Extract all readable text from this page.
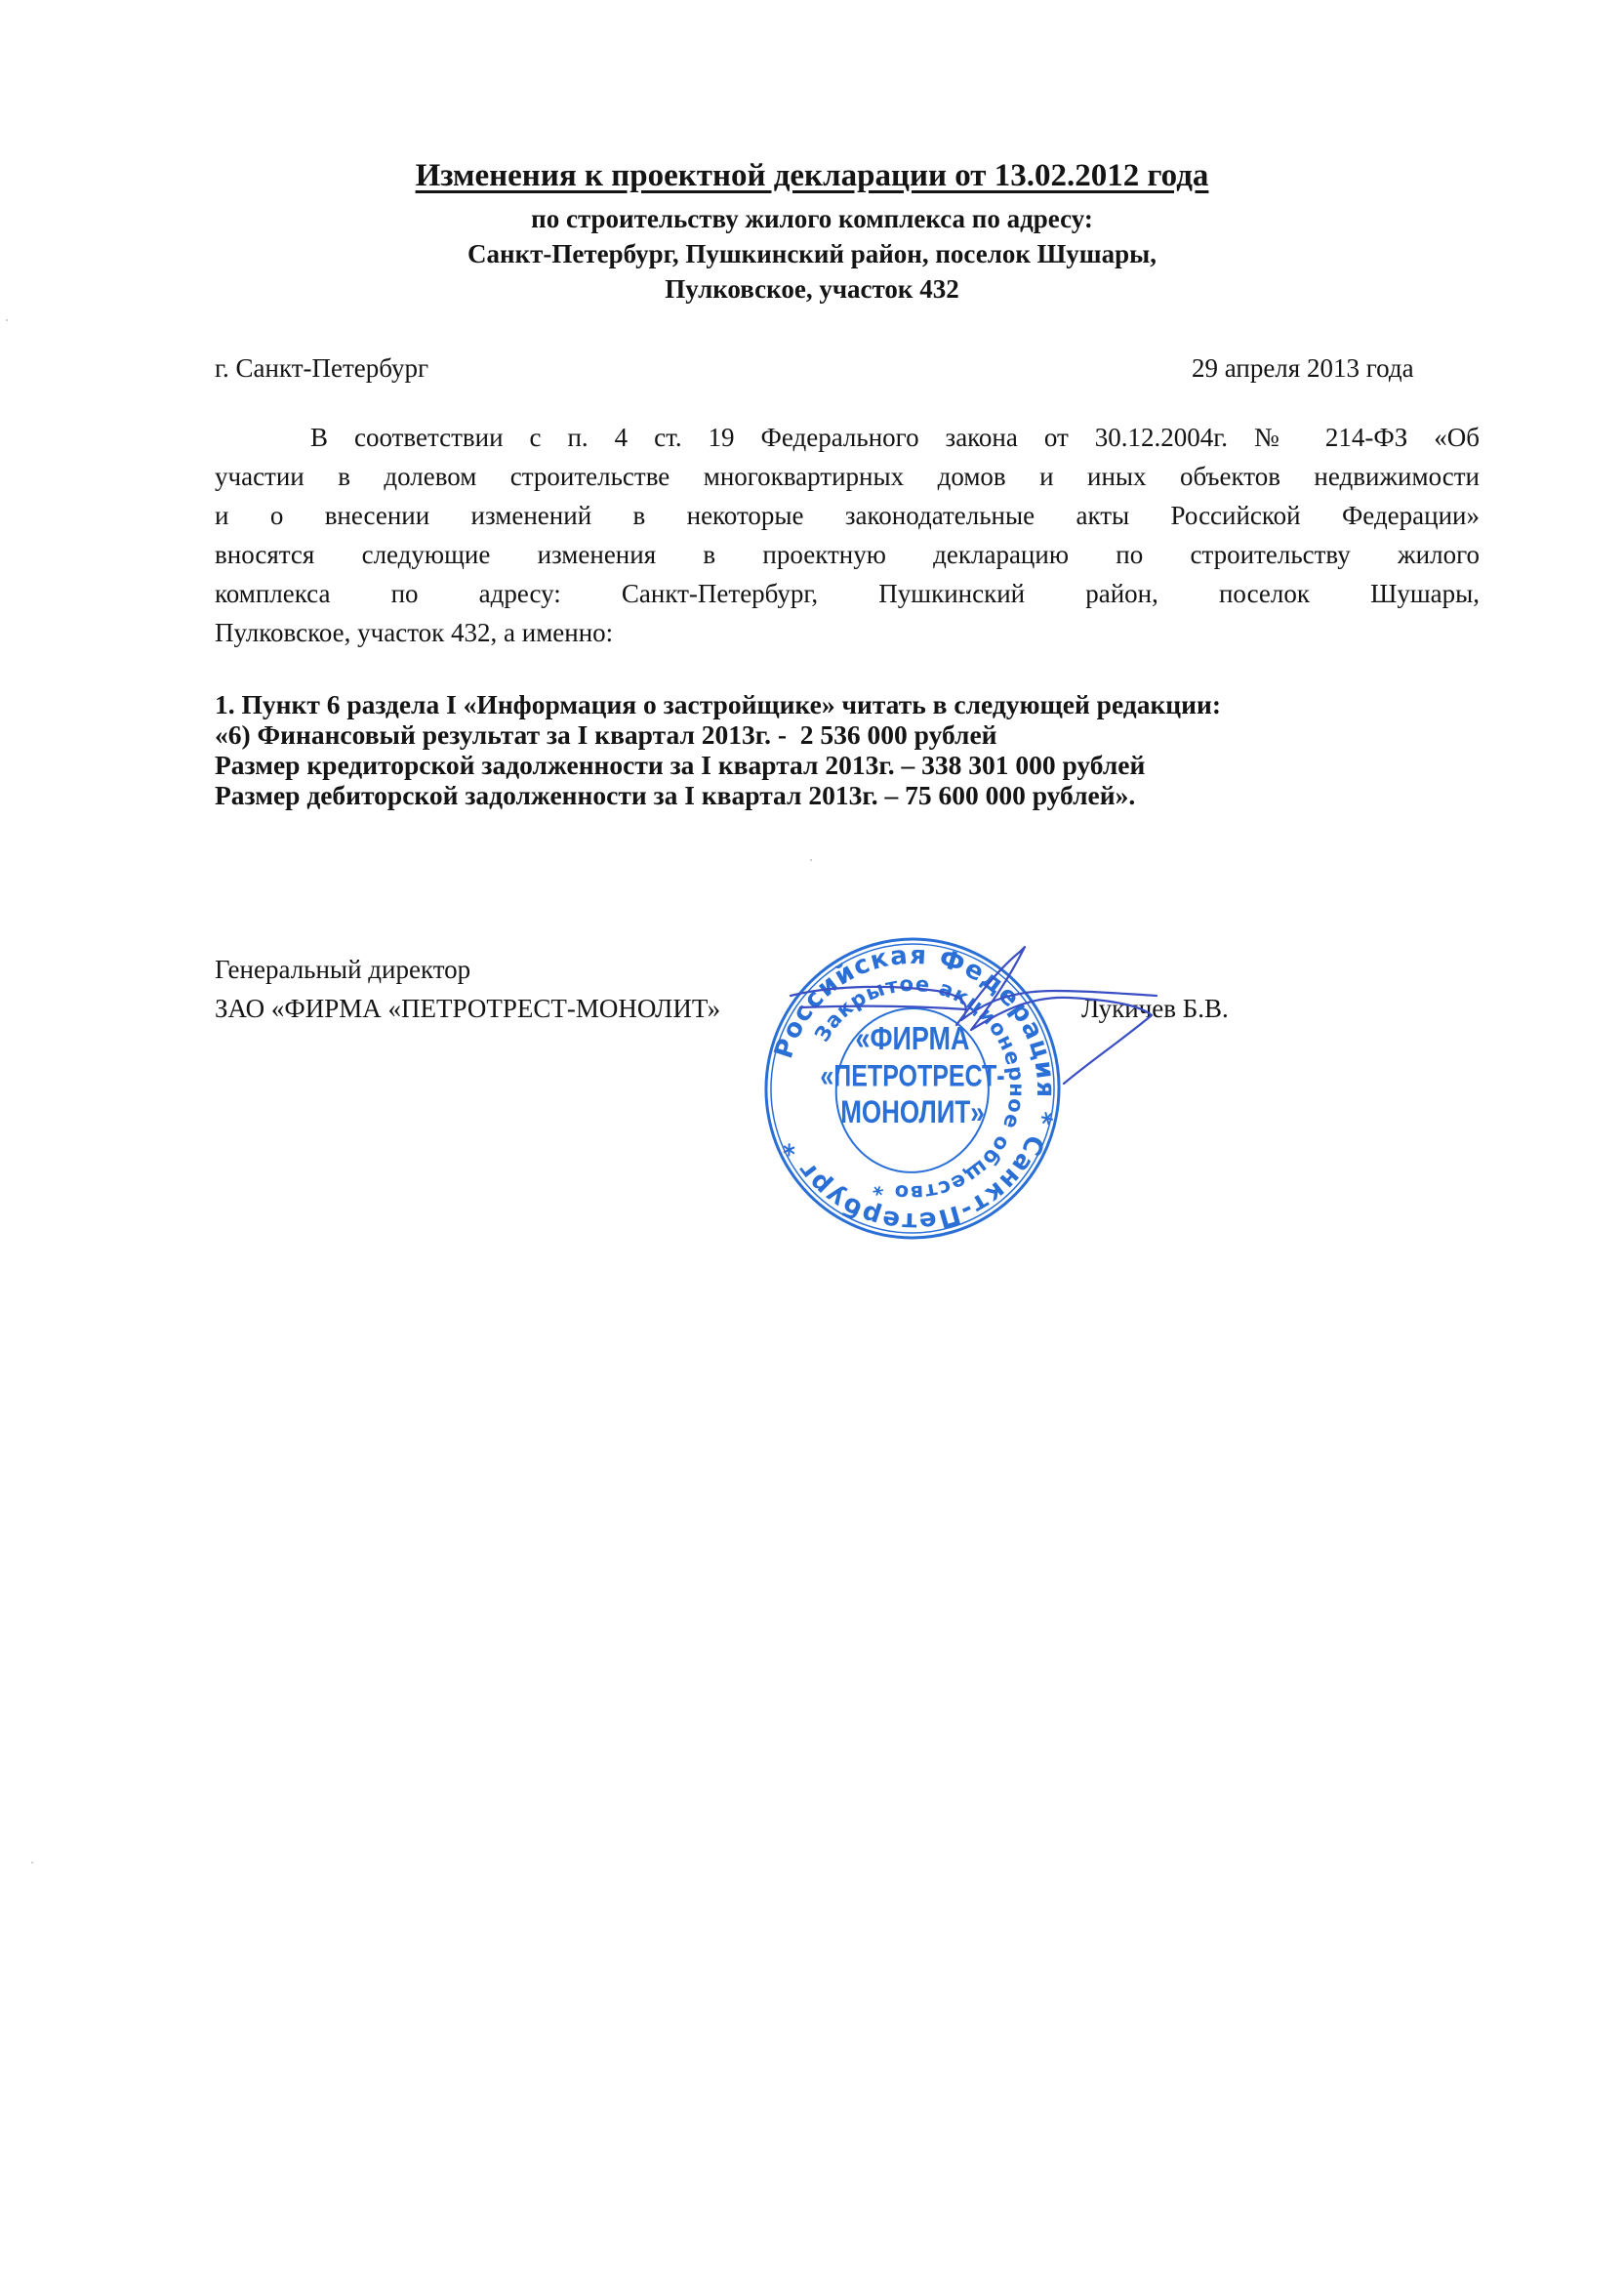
Изменения к проектной декларации от 13.02.2012 года
по строительству жилого комплекса по адресу:
Санкт-Петербург, Пушкинский район, поселок Шушары,
Пулковское, участок 432
г. Санкт-Петербург	29 апреля 2013 года
В соответствии с п. 4 ст. 19 Федерального закона от 30.12.2004г. № 214-ФЗ «Об
участии в долевом строительстве многоквартирных домов и иных объектов недвижимости
и о внесении изменений в некоторые законодательные акты Российской Федерации»
вносятся следующие изменения в проектную декларацию по строительству жилого
комплекса по адресу: Санкт-Петербург, Пушкинский район, поселок Шушары,
Пулковское, участок 432, а именно:
1. Пункт 6 раздела I «Информация о застройщике» читать в следующей редакции:
«6) Финансовый результат за I квартал 2013г. -  2 536 000 рублей
Размер кредиторской задолженности за I квартал 2013г. – 338 301 000 рублей
Размер дебиторской задолженности за I квартал 2013г. – 75 600 000 рублей».
Генеральный директор
ЗАО «ФИРМА «ПЕТРОТРЕСТ-МОНОЛИТ»	Лукичев Б.В.
Российская Федерация * Санкт-Петербург *
Закрытое акционерное общество *
«ФИРМА
«ПЕТРОТРЕСТ-
МОНОЛИТ»
